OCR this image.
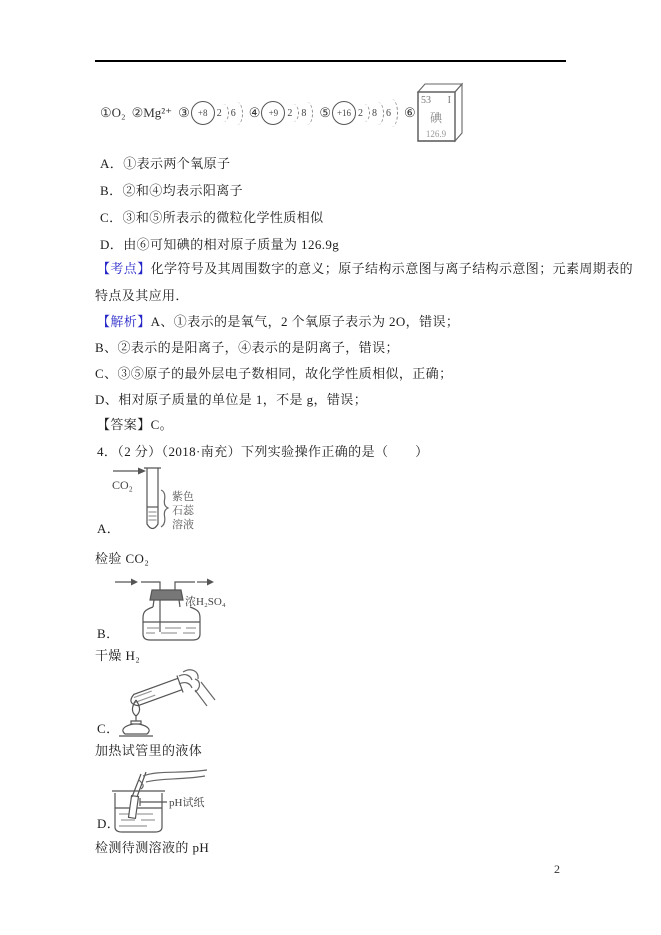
①O₂ ②Mg²⁺ ③ +8 2 6 ④ +9 2 8 ⑤ +16 2 8 6 ⑥
53 I
碘
126.9
A．①表示两个氧原子
B．②和④均表示阳离子
C．③和⑤所表示的微粒化学性质相似
D．由⑥可知碘的相对原子质量为 126.9g
【考点】化学符号及其周围数字的意义；原子结构示意图与离子结构示意图；元素周期表的
特点及其应用．
【解析】A、①表示的是氧气，2 个氧原子表示为 2O，错误；
B、②表示的是阳离子，④表示的是阴离子，错误；
C、③⑤原子的最外层电子数相同，故化学性质相似，正确；
D、相对原子质量的单位是 1，不是 g，错误；
【答案】C。
4．（2 分）（2018·南充）下列实验操作正确的是（　　）
CO₂
紫色
石蕊
溶液
A．
检验 CO₂
浓H₂SO₄
B．
干燥 H₂
C．
加热试管里的液体
pH试纸
D．
检测待测溶液的 pH
2
